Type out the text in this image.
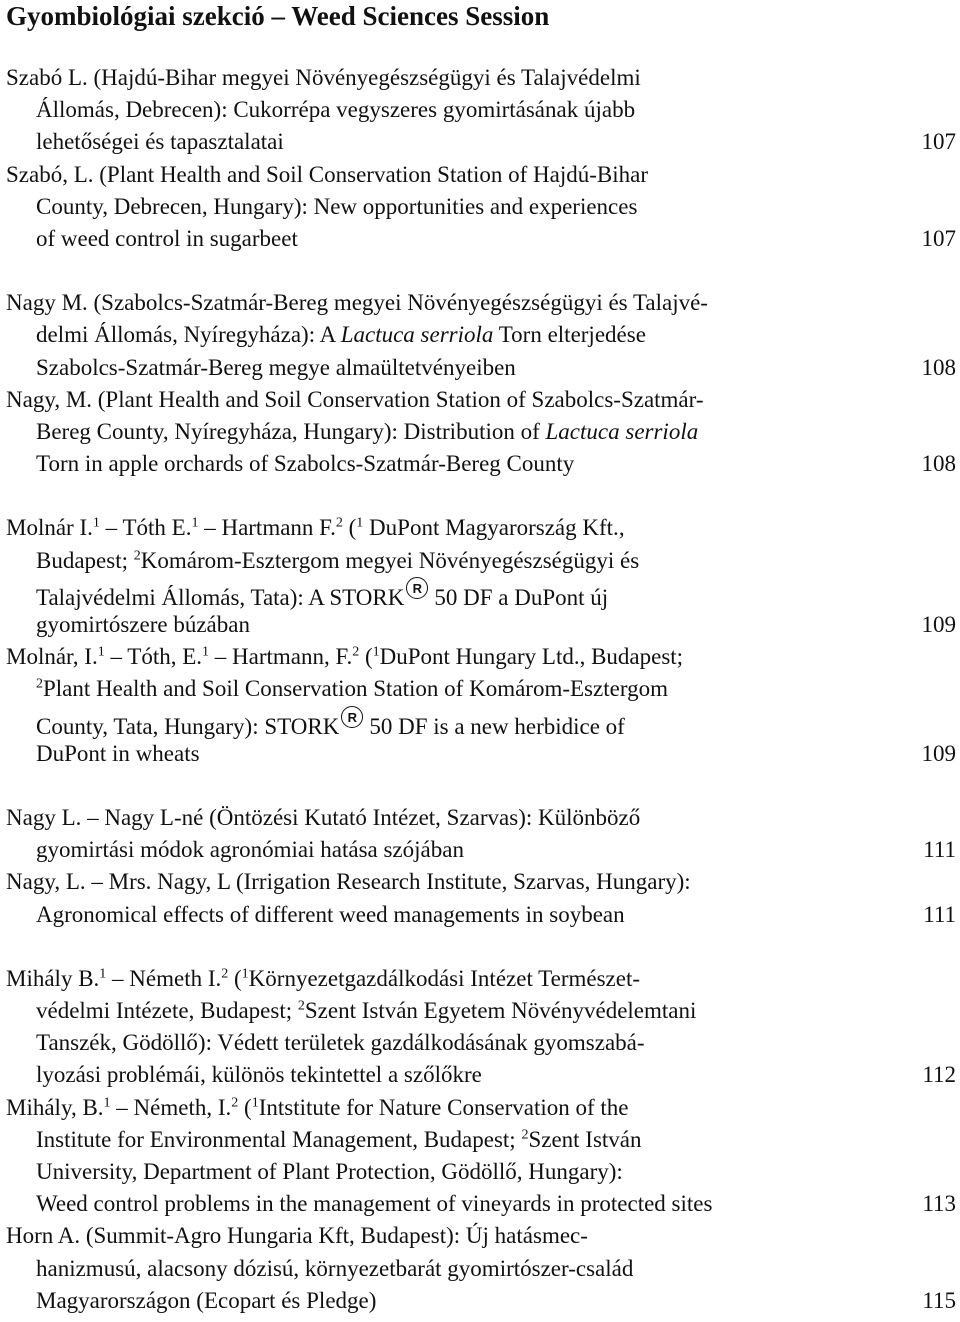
Gyombiológiai szekció – Weed Sciences Session
Szabó L. (Hajdú-Bihar megyei Növényegészségügyi és Talajvédelmi
Állomás, Debrecen): Cukorrépa vegyszeres gyomirtásának újabb
lehetőségei és tapasztalatai	107
Szabó, L. (Plant Health and Soil Conservation Station of Hajdú-Bihar
County, Debrecen, Hungary): New opportunities and experiences
of weed control in sugarbeet	107
Nagy M. (Szabolcs-Szatmár-Bereg megyei Növényegészségügyi és Talajvé-
delmi Állomás, Nyíregyháza): A Lactuca serriola Torn elterjedése
Szabolcs-Szatmár-Bereg megye almaültetvényeiben	108
Nagy, M. (Plant Health and Soil Conservation Station of Szabolcs-Szatmár-
Bereg County, Nyíregyháza, Hungary): Distribution of Lactuca serriola
Torn in apple orchards of Szabolcs-Szatmár-Bereg County	108
Molnár I.$^1$ – Tóth E.$^1$ – Hartmann F.$^2$ ($^1$ DuPont Magyarország Kft.,
Budapest; $^2$Komárom-Esztergom megyei Növényegészségügyi és
Talajvédelmi Állomás, Tata): A STORK R 50 DF a DuPont új
gyomirtószere búzában	109
Molnár, I.$^1$ – Tóth, E.$^1$ – Hartmann, F.$^2$ ($^1$DuPont Hungary Ltd., Budapest;
$^2$Plant Health and Soil Conservation Station of Komárom-Esztergom
County, Tata, Hungary): STORK R 50 DF is a new herbidice of
DuPont in wheats	109
Nagy L. – Nagy L-né (Öntözési Kutató Intézet, Szarvas): Különböző
gyomirtási módok agronómiai hatása szójában	111
Nagy, L. – Mrs. Nagy, L (Irrigation Research Institute, Szarvas, Hungary):
Agronomical effects of different weed managements in soybean	111
Mihály B.$^1$ – Németh I.$^2$ ($^1$Környezetgazdálkodási Intézet Természet-
védelmi Intézete, Budapest; $^2$Szent István Egyetem Növényvédelemtani
Tanszék, Gödöllő): Védett területek gazdálkodásának gyomszabá-
lyozási problémái, különös tekintettel a szőlőkre	112
Mihály, B.$^1$ – Németh, I.$^2$ ($^1$Intstitute for Nature Conservation of the
Institute for Environmental Management, Budapest; $^2$Szent István
University, Department of Plant Protection, Gödöllő, Hungary):
Weed control problems in the management of vineyards in protected sites	113
Horn A. (Summit-Agro Hungaria Kft, Budapest): Új hatásmec-
hanizmusú, alacsony dózisú, környezetbarát gyomirtószer-család
Magyarországon (Ecopart és Pledge)	115
